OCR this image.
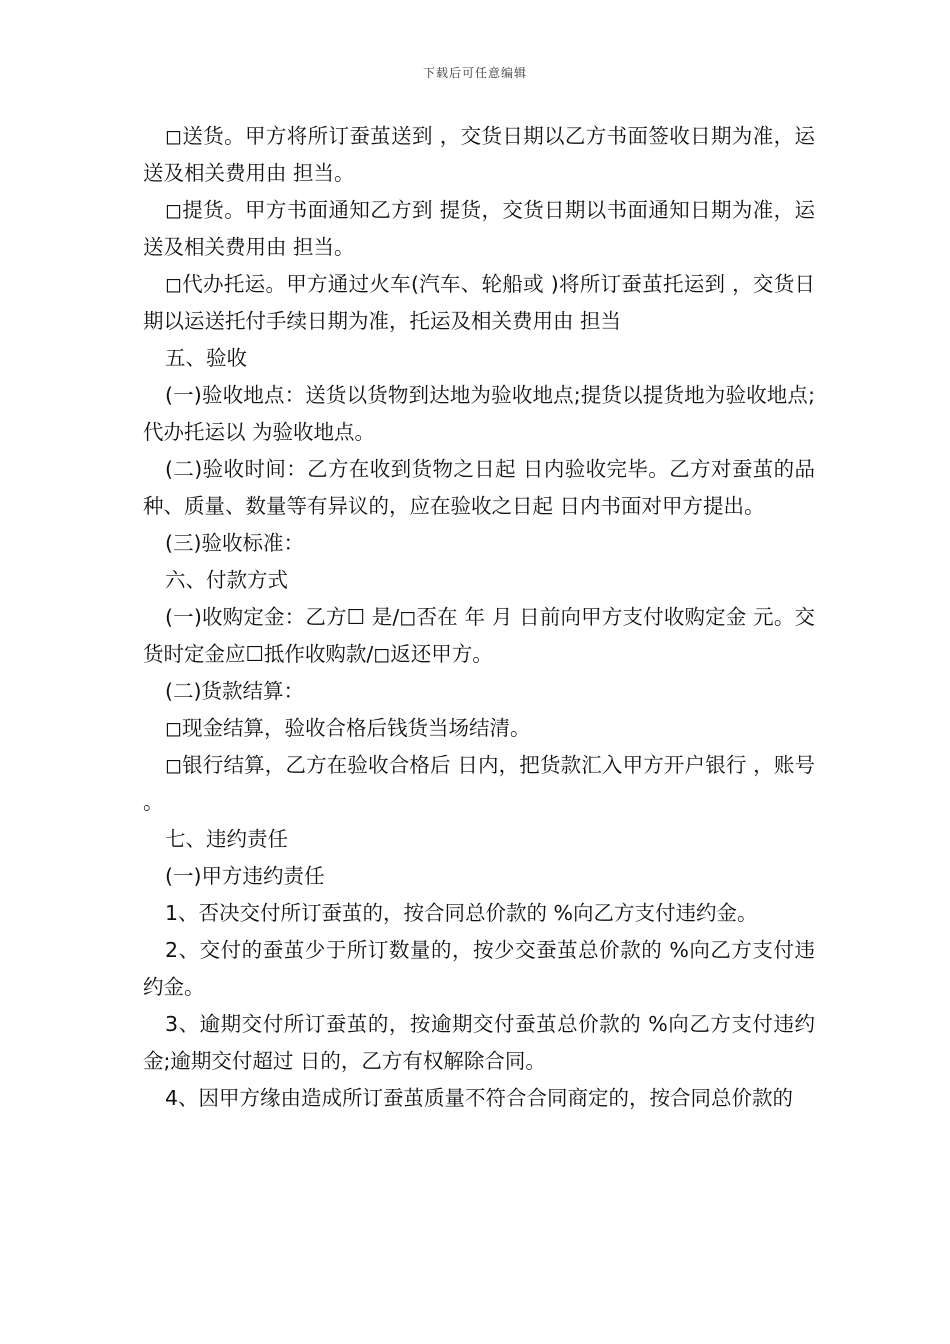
下载后可任意编辑

◻送货。甲方将所订蚕茧送到 ，交货日期以乙方书面签收日期为准，运送及相关费用由 担当。

◻提货。甲方书面通知乙方到 提货，交货日期以书面通知日期为准，运送及相关费用由 担当。

◻代办托运。甲方通过火车(汽车、轮船或 )将所订蚕茧托运到 ，交货日期以运送托付手续日期为准，托运及相关费用由 担当

五、验收

(一)验收地点：送货以货物到达地为验收地点;提货以提货地为验收地点;代办托运以 为验收地点。

(二)验收时间：乙方在收到货物之日起 日内验收完毕。乙方对蚕茧的品种、质量、数量等有异议的，应在验收之日起 日内书面对甲方提出。

(三)验收标准：

六、付款方式

(一)收购定金：乙方☐ 是/◻否在 年 月 日前向甲方支付收购定金 元。交货时定金应☐抵作收购款/◻返还甲方。

(二)货款结算：

◻现金结算，验收合格后钱货当场结清。

◻银行结算，乙方在验收合格后 日内，把货款汇入甲方开户银行 ，账号 。

七、违约责任

(一)甲方违约责任

1、否决交付所订蚕茧的，按合同总价款的 %向乙方支付违约金。

2、交付的蚕茧少于所订数量的，按少交蚕茧总价款的 %向乙方支付违约金。

3、逾期交付所订蚕茧的，按逾期交付蚕茧总价款的 %向乙方支付违约金;逾期交付超过 日的，乙方有权解除合同。

4、因甲方缘由造成所订蚕茧质量不符合合同商定的，按合同总价款的
